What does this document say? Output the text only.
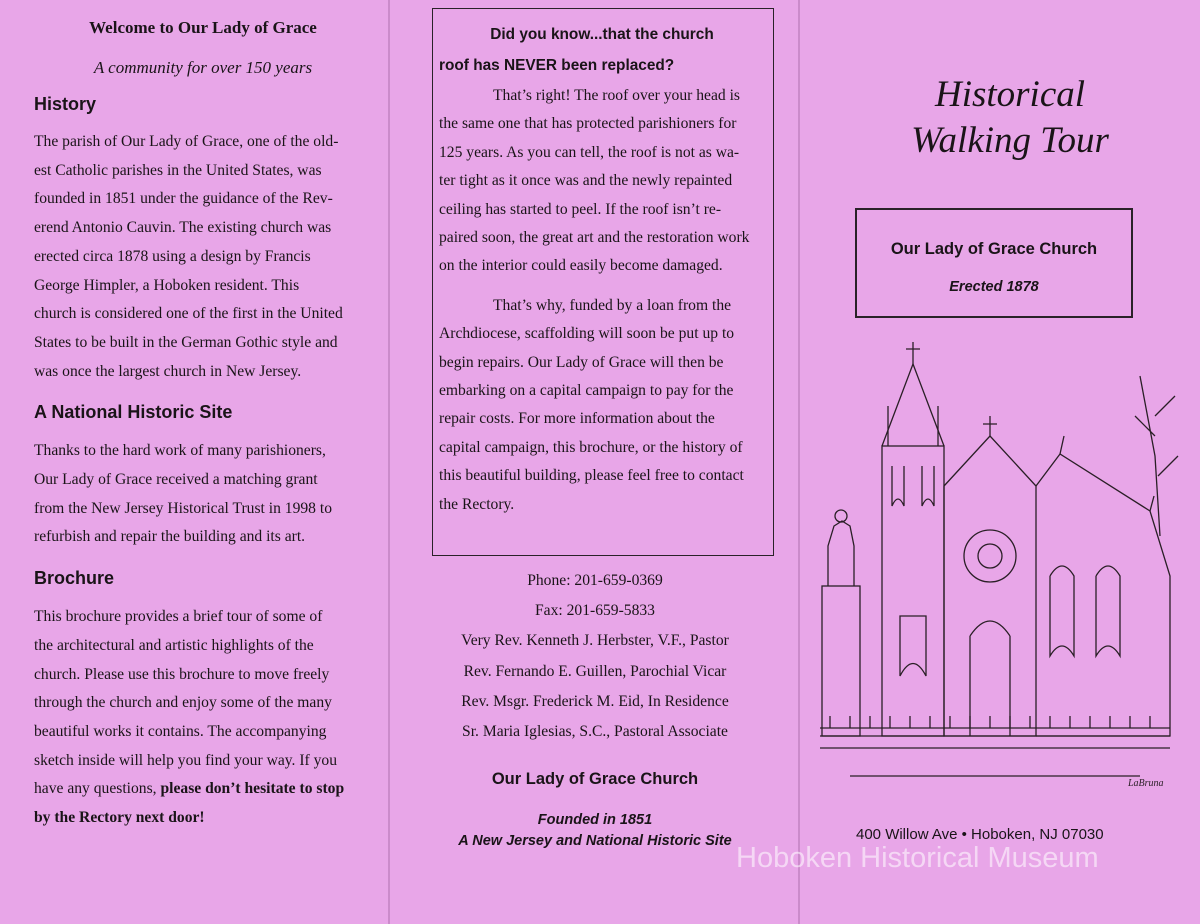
Welcome to Our Lady of Grace

A community for over 150 years

History

The parish of Our Lady of Grace, one of the old-

est Catholic parishes in the United States, was

founded in 1851 under the guidance of the Rev-

erend Antonio Cauvin. The existing church was

erected circa 1878 using a design by Francis

George Himpler, a Hoboken resident. This

church is considered one of the first in the United

States to be built in the German Gothic style and

was once the largest church in New Jersey.

A National Historic Site

Thanks to the hard work of many parishioners,

Our Lady of Grace received a matching grant

from the New Jersey Historical Trust in 1998 to

refurbish and repair the building and its art.

Brochure

This brochure provides a brief tour of some of

the architectural and artistic highlights of the

church. Please use this brochure to move freely

through the church and enjoy some of the many

beautiful works it contains. The accompanying

sketch inside will help you find your way. If you

have any questions, please don’t hesitate to stop

by the Rectory next door!

Did you know...that the church

roof has NEVER been replaced?

That’s right! The roof over your head is

the same one that has protected parishioners for

125 years. As you can tell, the roof is not as wa-

ter tight as it once was and the newly repainted

ceiling has started to peel. If the roof isn’t re-

paired soon, the great art and the restoration work

on the interior could easily become damaged.

That’s why, funded by a loan from the

Archdiocese, scaffolding will soon be put up to

begin repairs. Our Lady of Grace will then be

embarking on a capital campaign to pay for the

repair costs. For more information about the

capital campaign, this brochure, or the history of

this beautiful building, please feel free to contact

the Rectory.

Phone: 201-659-0369
Fax: 201-659-5833
Very Rev. Kenneth J. Herbster, V.F., Pastor
Rev. Fernando E. Guillen, Parochial Vicar
Rev. Msgr. Frederick M. Eid, In Residence
Sr. Maria Iglesias, S.C., Pastoral Associate
Our Lady of Grace Church
Founded in 1851
A New Jersey and National Historic Site
Historical
Walking Tour
Our Lady of Grace Church
Erected 1878
LaBruna
400 Willow Ave • Hoboken, NJ 07030
Hoboken Historical Museum
